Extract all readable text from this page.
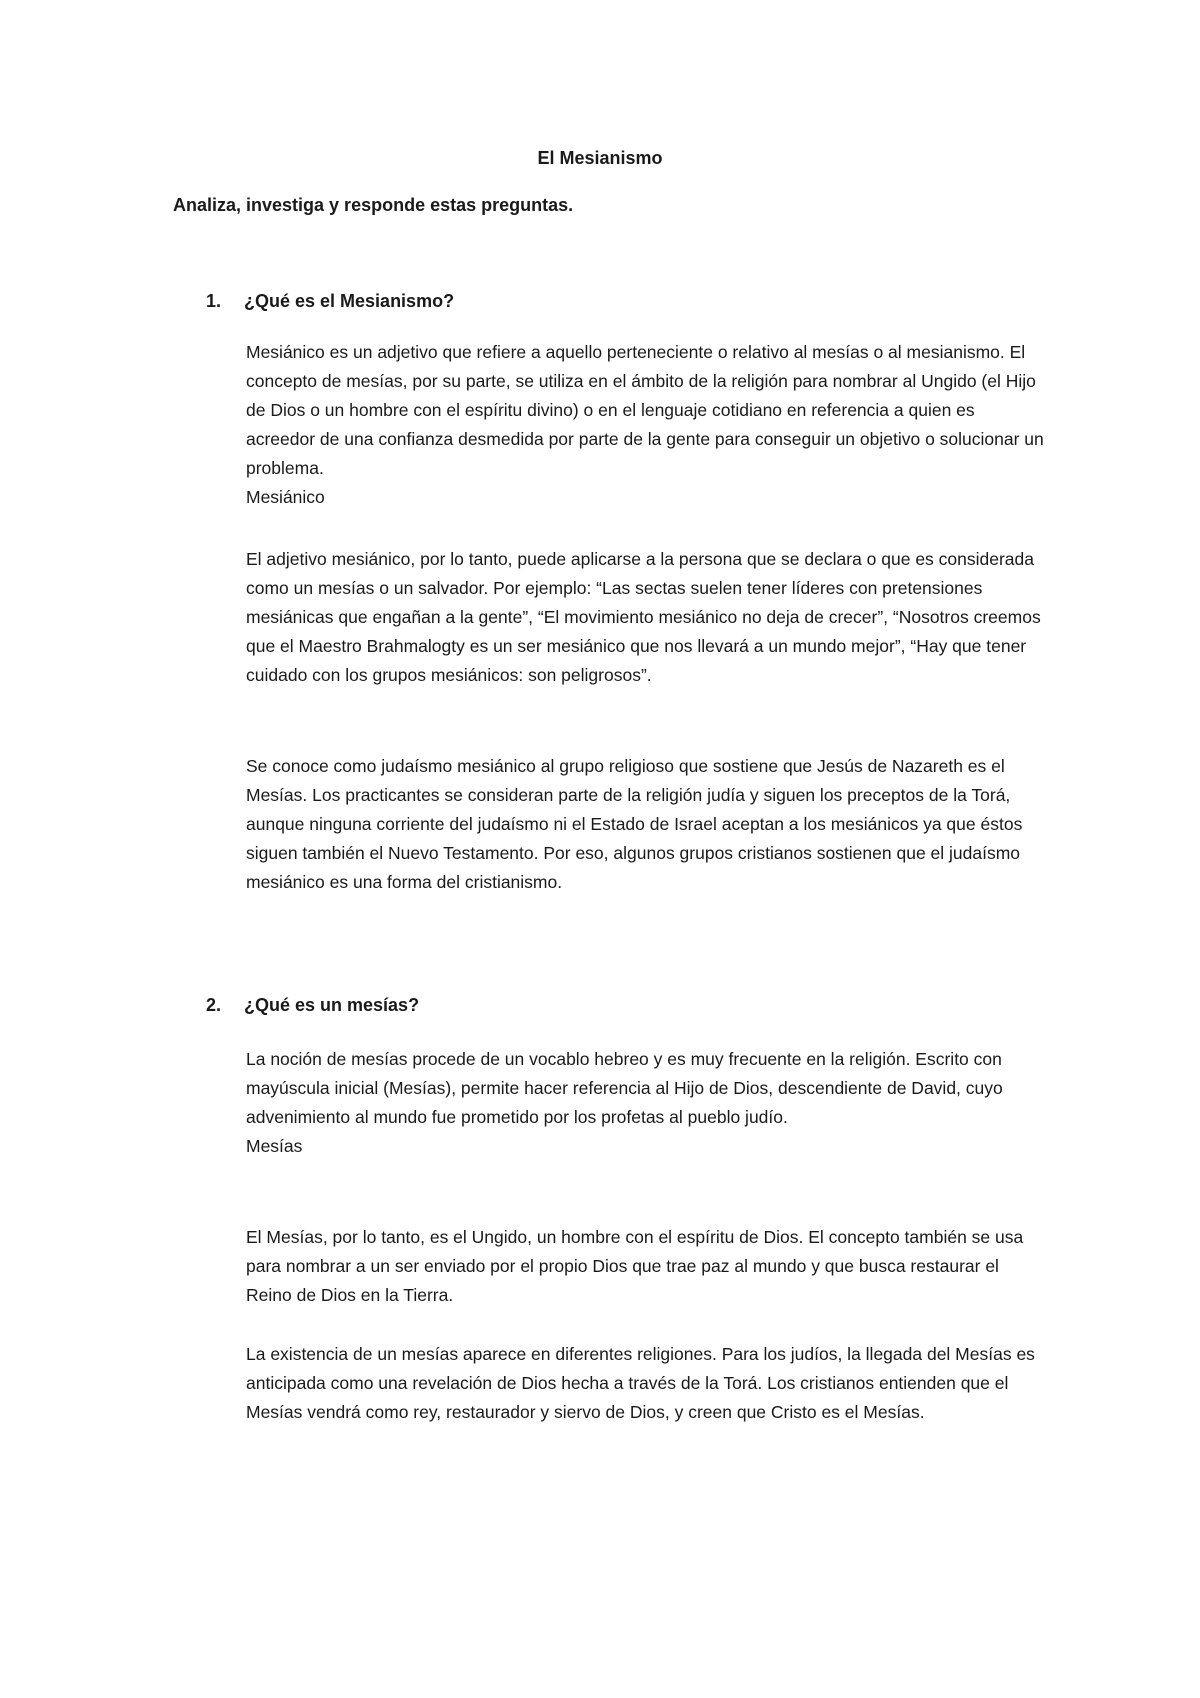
El Mesianismo

Analiza, investiga y responde estas preguntas.

1. ¿Qué es el Mesianismo?
Mesiánico es un adjetivo que refiere a aquello perteneciente o relativo al mesías o al mesianismo. El concepto de mesías, por su parte, se utiliza en el ámbito de la religión para nombrar al Ungido (el Hijo de Dios o un hombre con el espíritu divino) o en el lenguaje cotidiano en referencia a quien es acreedor de una confianza desmedida por parte de la gente para conseguir un objetivo o solucionar un problema.
Mesiánico
El adjetivo mesiánico, por lo tanto, puede aplicarse a la persona que se declara o que es considerada como un mesías o un salvador. Por ejemplo: “Las sectas suelen tener líderes con pretensiones mesiánicas que engañan a la gente”, “El movimiento mesiánico no deja de crecer”, “Nosotros creemos que el Maestro Brahmalogty es un ser mesiánico que nos llevará a un mundo mejor”, “Hay que tener cuidado con los grupos mesiánicos: son peligrosos”.
Se conoce como judaísmo mesiánico al grupo religioso que sostiene que Jesús de Nazareth es el Mesías. Los practicantes se consideran parte de la religión judía y siguen los preceptos de la Torá, aunque ninguna corriente del judaísmo ni el Estado de Israel aceptan a los mesiánicos ya que éstos siguen también el Nuevo Testamento. Por eso, algunos grupos cristianos sostienen que el judaísmo mesiánico es una forma del cristianismo.
2. ¿Qué es un mesías?
La noción de mesías procede de un vocablo hebreo y es muy frecuente en la religión. Escrito con mayúscula inicial (Mesías), permite hacer referencia al Hijo de Dios, descendiente de David, cuyo advenimiento al mundo fue prometido por los profetas al pueblo judío.
Mesías
El Mesías, por lo tanto, es el Ungido, un hombre con el espíritu de Dios. El concepto también se usa para nombrar a un ser enviado por el propio Dios que trae paz al mundo y que busca restaurar el Reino de Dios en la Tierra.
La existencia de un mesías aparece en diferentes religiones. Para los judíos, la llegada del Mesías es anticipada como una revelación de Dios hecha a través de la Torá. Los cristianos entienden que el Mesías vendrá como rey, restaurador y siervo de Dios, y creen que Cristo es el Mesías.
